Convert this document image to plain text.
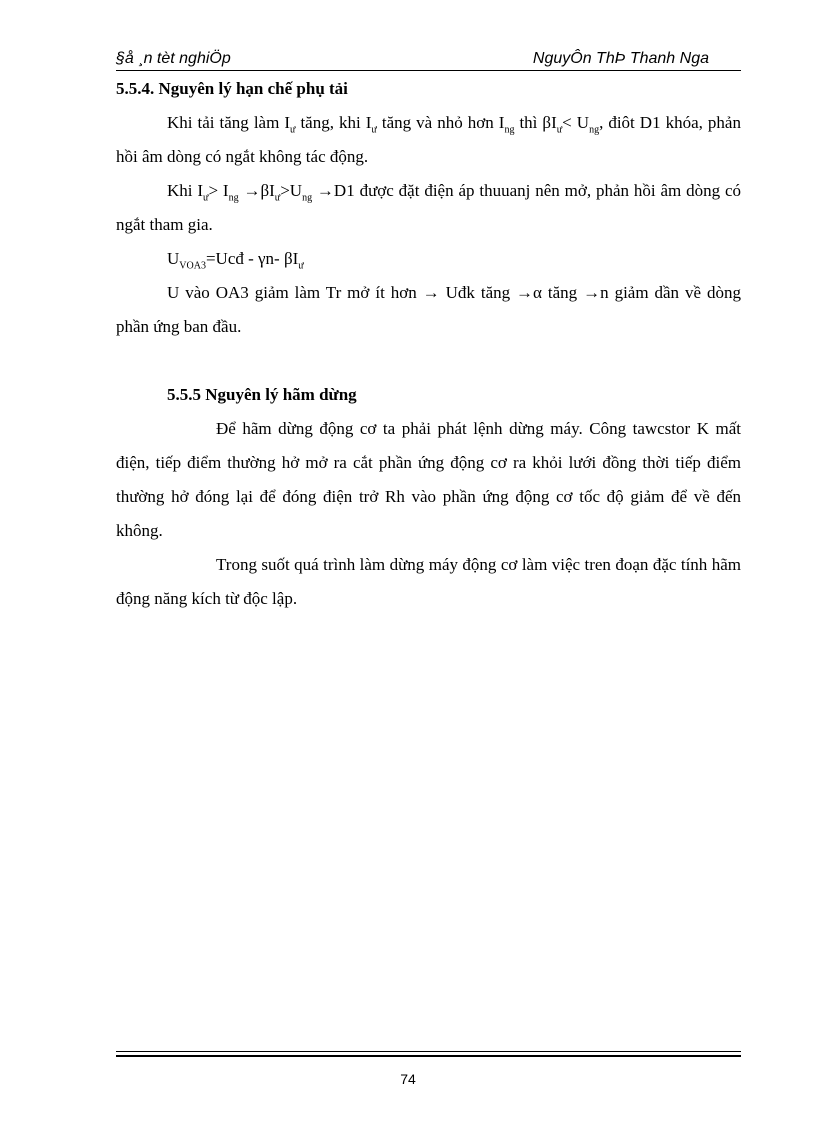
§å ¸n tèt nghiÖp	NguyÔn ThÞ Thanh Nga

5.5.4. Nguyên lý hạn chế phụ tải

Khi tải tăng làm $I_ư$ tăng, khi $I_ư$ tăng và nhỏ hơn $I_{ng}$ thì $\beta I_ư< U_{ng}$, điôt D1 khóa, phản hồi âm dòng có ngắt không tác động.

Khi $I_ư> I_{ng} \to\beta I_ư>U_{ng} \to D1$ được đặt điện áp thuuanj nên mở, phản hồi âm dòng có ngắt tham gia.

$U_{VOA3}=Ucđ - \gamma n-$ $\beta I_ư$

U vào OA3 giảm làm Tr mở ít hơn → Uđk tăng →α tăng →n giảm dần về dòng phần ứng ban đầu.

5.5.5 Nguyên lý hãm dừng

Để hãm dừng động cơ ta phải phát lệnh dừng máy. Công tawcstor K mất điện, tiếp điểm thường hở mở ra cắt phần ứng động cơ ra khỏi lưới đồng thời tiếp điểm thường hở đóng lại để đóng điện trở Rh vào phần ứng động cơ tốc độ giảm để về đến không.

Trong suốt quá trình làm dừng máy động cơ làm việc tren đoạn đặc tính hãm động năng kích từ độc lập.

74
